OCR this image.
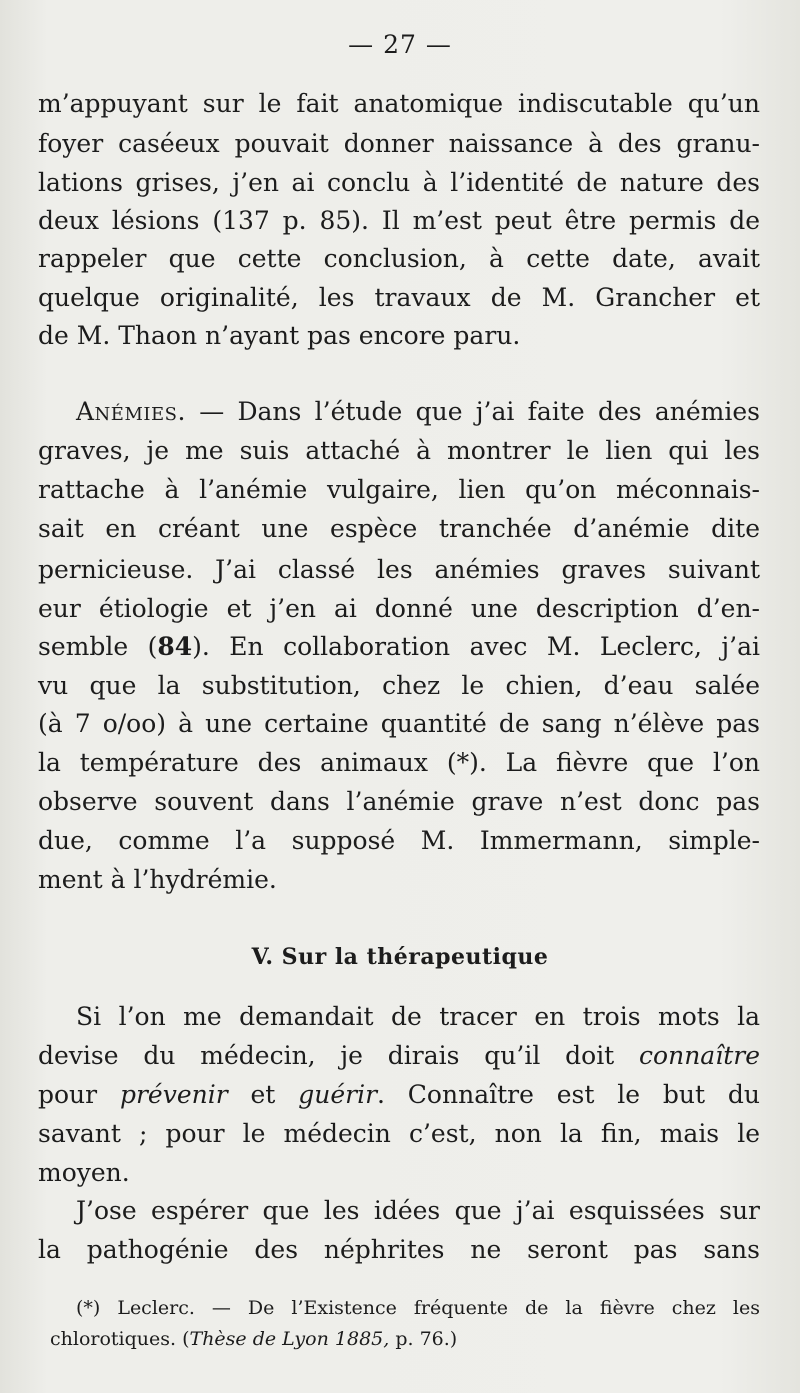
— 27 —
m’appuyant sur le fait anatomique indiscutable qu’un
foyer caséeux pouvait donner naissance à des granu-
lations grises, j’en ai conclu à l’identité de nature des
deux lésions (137 p. 85). Il m’est peut être permis de
rappeler que cette conclusion, à cette date, avait
quelque originalité, les travaux de M. Grancher et
de M. Thaon n’ayant pas encore paru.
Anémies. — Dans l’étude que j’ai faite des anémies
graves, je me suis attaché à montrer le lien qui les
rattache à l’anémie vulgaire, lien qu’on méconnais-
sait en créant une espèce tranchée d’anémie dite
pernicieuse. J’ai classé les anémies graves suivant
eur étiologie et j’en ai donné une description d’en-
semble (84). En collaboration avec M. Leclerc, j’ai
vu que la substitution, chez le chien, d’eau salée
(à 7 o/oo) à une certaine quantité de sang n’élève pas
la température des animaux (*). La fièvre que l’on
observe souvent dans l’anémie grave n’est donc pas
due, comme l’a supposé M. Immermann, simple-
ment à l’hydrémie.
V. Sur la thérapeutique
Si l’on me demandait de tracer en trois mots la
devise du médecin, je dirais qu’il doit connaître
pour prévenir et guérir. Connaître est le but du
savant ; pour le médecin c’est, non la fin, mais le
moyen.
J’ose espérer que les idées que j’ai esquissées sur
la pathogénie des néphrites ne seront pas sans
(*) Leclerc. — De l’Existence fréquente de la fièvre chez les
chlorotiques. (Thèse de Lyon 1885, p. 76.)
